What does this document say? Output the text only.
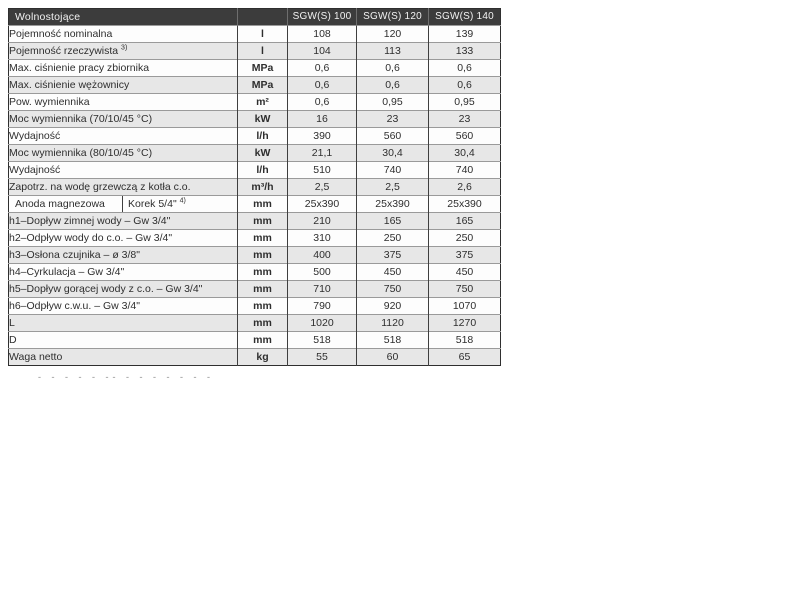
Wolnostojące		SGW(S) 100	SGW(S) 120	SGW(S) 140
Pojemność nominalna	l	108	120	139
Pojemność rzeczywista $^{3)}$	l	104	113	133
Max. ciśnienie pracy zbiornika	MPa	0,6	0,6	0,6
Max. ciśnienie wężownicy	MPa	0,6	0,6	0,6
Pow. wymiennika	m²	0,6	0,95	0,95
Moc wymiennika (70/10/45 °C)	kW	16	23	23
Wydajność	l/h	390	560	560
Moc wymiennika (80/10/45 °C)	kW	21,1	30,4	30,4
Wydajność	l/h	510	740	740
Zapotrz. na wodę grzewczą z kotła c.o.	m³/h	2,5	2,5	2,6

Anoda magnezowa Korek 5/4" $^{4)}$	mm	25x390	25x390	25x390
h1–Dopływ zimnej wody – Gw 3/4"	mm	210	165	165
h2–Odpływ wody do c.o. – Gw 3/4"	mm	310	250	250
h3–Osłona czujnika – ø 3/8"	mm	400	375	375
h4–Cyrkulacja – Gw 3/4"	mm	500	450	450
h5–Dopływ gorącej wody z c.o. – Gw 3/4"	mm	710	750	750
h6–Odpływ c.w.u. – Gw 3/4"	mm	790	920	1070
L	mm	1020	1120	1270
D	mm	518	518	518
Waga netto	kg	55	60	65
‐ ‐ ‐ ‐ ‐ ‐‐ ‐ ‐ ‐ ‐ ‐ ‐ ‐
